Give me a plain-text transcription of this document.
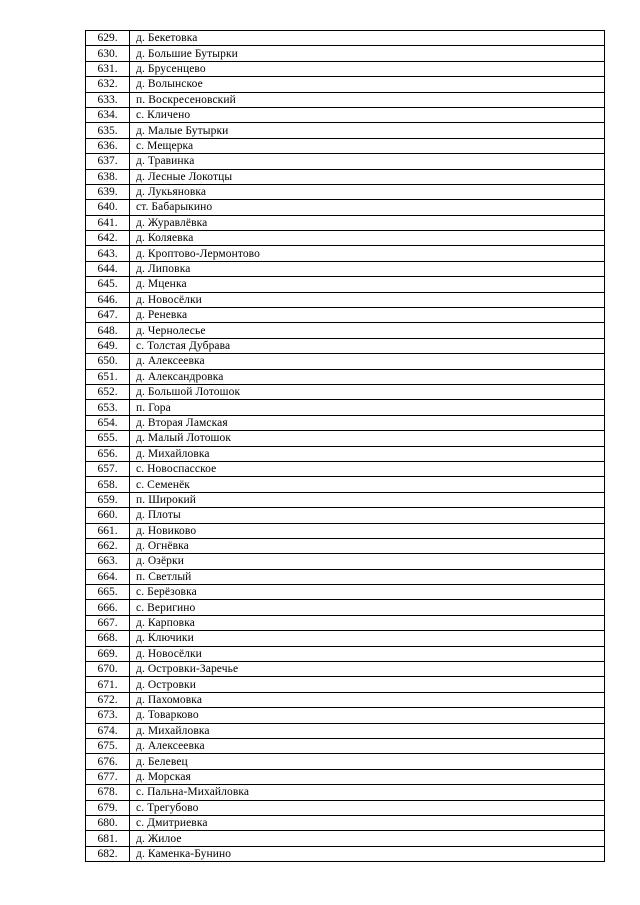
629.	д. Бекетовка
630.	д. Большие Бутырки
631.	д. Брусенцево
632.	д. Волынское
633.	п. Воскресеновский
634.	с. Кличено
635.	д. Малые Бутырки
636.	с. Мещерка
637.	д. Травинка
638.	д. Лесные Локотцы
639.	д. Лукьяновка
640.	ст. Бабарыкино
641.	д. Журавлёвка
642.	д. Коляевка
643.	д. Кроптово-Лермонтово
644.	д. Липовка
645.	д. Мценка
646.	д. Новосёлки
647.	д. Реневка
648.	д. Чернолесье
649.	с. Толстая Дубрава
650.	д. Алексеевка
651.	д. Александровка
652.	д. Большой Лотошок
653.	п. Гора
654.	д. Вторая Ламская
655.	д. Малый Лотошок
656.	д. Михайловка
657.	с. Новоспасское
658.	с. Семенёк
659.	п. Широкий
660.	д. Плоты
661.	д. Новиково
662.	д. Огнёвка
663.	д. Озёрки
664.	п. Светлый
665.	с. Берёзовка
666.	с. Веригино
667.	д. Карповка
668.	д. Ключики
669.	д. Новосёлки
670.	д. Островки-Заречье
671.	д. Островки
672.	д. Пахомовка
673.	д. Товарково
674.	д. Михайловка
675.	д. Алексеевка
676.	д. Белевец
677.	д. Морская
678.	с. Пальна-Михайловка
679.	с. Трегубово
680.	с. Дмитриевка
681.	д. Жилое
682.	д. Каменка-Бунино
